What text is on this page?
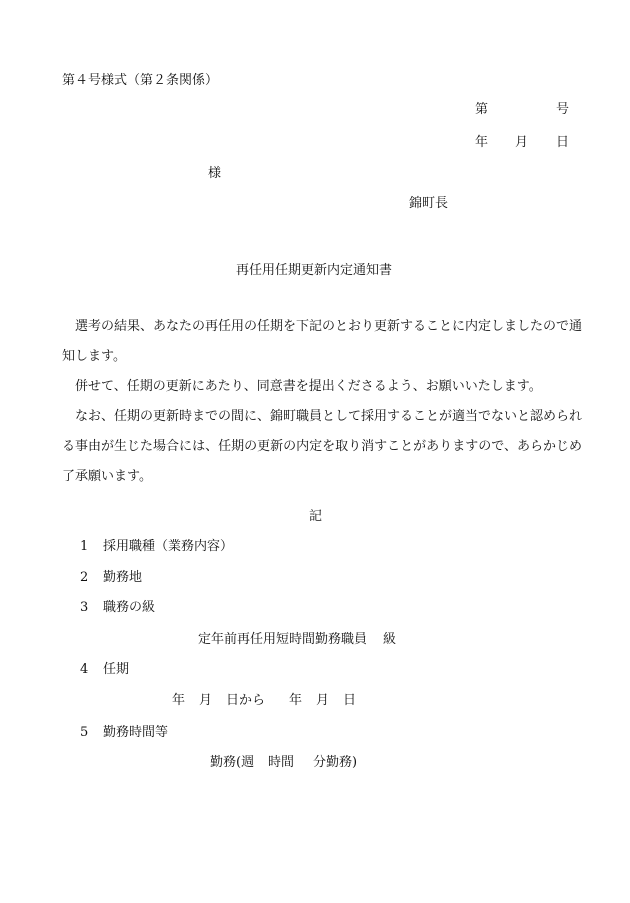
第４号様式（第２条関係）
第	号
年 月 日
様
錦町長
再任用任期更新内定通知書
選考の結果、あなたの再任用の任期を下記のとおり更新することに内定しましたので通知します。
併せて、任期の更新にあたり、同意書を提出くださるよう、お願いいたします。
なお、任期の更新時までの間に、錦町職員として採用することが適当でないと認められる事由が生じた場合には、任期の更新の内定を取り消すことがありますので、あらかじめ了承願います。
記
1 採用職種（業務内容）
2 勤務地
3 職務の級
定年前再任用短時間勤務職員 級
4 任期
年 月 日から 年 月 日
5 勤務時間等
勤務(週 時間 分勤務)
